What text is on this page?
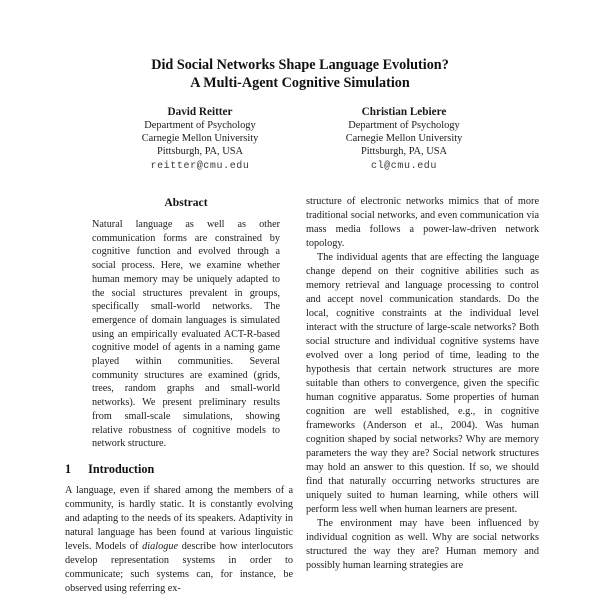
Did Social Networks Shape Language Evolution?
A Multi-Agent Cognitive Simulation
David Reitter
Department of Psychology
Carnegie Mellon University
Pittsburgh, PA, USA
reitter@cmu.edu
Christian Lebiere
Department of Psychology
Carnegie Mellon University
Pittsburgh, PA, USA
cl@cmu.edu
Abstract

Natural language as well as other communication forms are constrained by cognitive function and evolved through a social process. Here, we examine whether human memory may be uniquely adapted to the social structures prevalent in groups, specifically small-world networks. The emergence of domain languages is simulated using an empirically evaluated ACT-R-based cognitive model of agents in a naming game played within communities. Several community structures are examined (grids, trees, random graphs and small-world networks). We present preliminary results from small-scale simulations, showing relative robustness of cognitive models to network structure.

1 Introduction

A language, even if shared among the members of a community, is hardly static. It is constantly evolving and adapting to the needs of its speakers. Adaptivity in natural language has been found at various linguistic levels. Models of dialogue describe how interlocutors develop representation systems in order to communicate; such systems can, for instance, be observed using referring ex-

structure of electronic networks mimics that of more traditional social networks, and even communication via mass media follows a power-law-driven network topology.

The individual agents that are effecting the language change depend on their cognitive abilities such as memory retrieval and language processing to control and accept novel communication standards. Do the local, cognitive constraints at the individual level interact with the structure of large-scale networks? Both social structure and individual cognitive systems have evolved over a long period of time, leading to the hypothesis that certain network structures are more suitable than others to convergence, given the specific human cognitive apparatus. Some properties of human cognition are well established, e.g., in cognitive frameworks (Anderson et al., 2004). Was human cognition shaped by social networks? Why are memory parameters the way they are? Social network structures may hold an answer to this question. If so, we should find that naturally occurring networks structures are uniquely suited to human learning, while others will perform less well when human learners are present.

The environment may have been influenced by individual cognition as well. Why are social networks structured the way they are? Human memory and possibly human learning strategies are
